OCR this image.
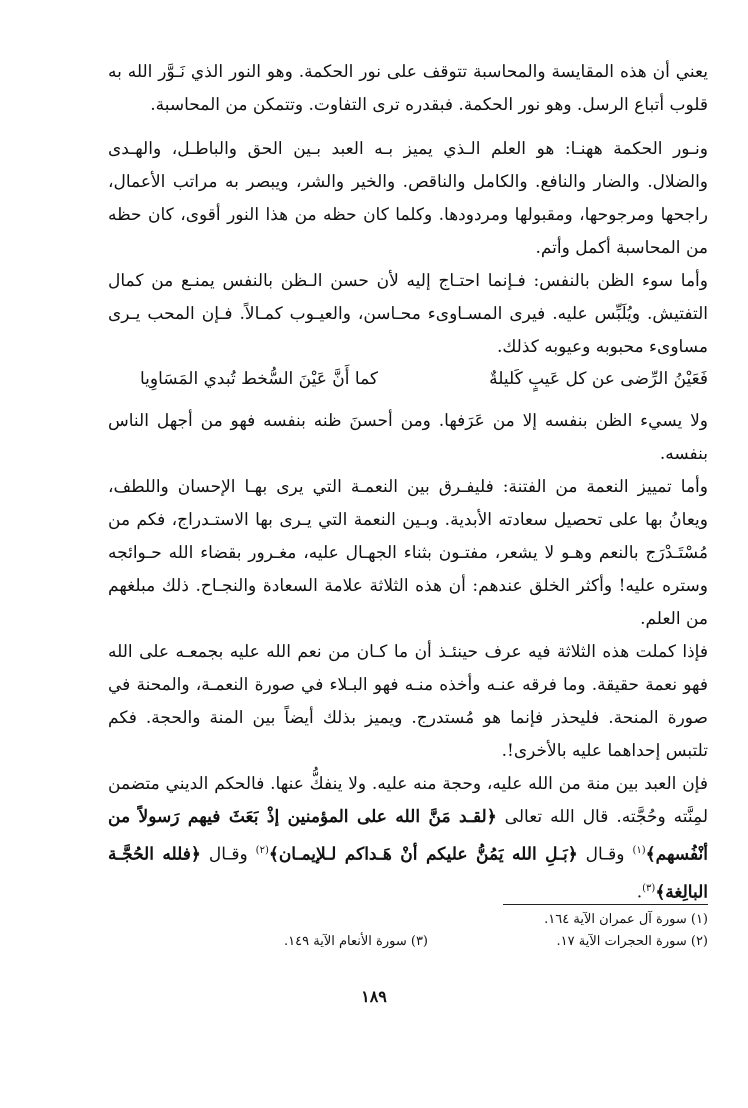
يعني أن هذه المقايسة والمحاسبة تتوقف على نور الحكمة. وهو النور الذي نَـوَّر الله به قلوب أتباع الرسل. وهو نور الحكمة. فبقدره ترى التفاوت. وتتمكن من المحاسبة.

ونـور الحكمة ههنـا: هو العلم الـذي يميز بـه العبد بـين الحق والباطـل، والهـدى والضلال. والضار والنافع. والكامل والناقص. والخير والشر، ويبصر به مراتب الأعمال، راجحها ومرجوحها، ومقبولها ومردودها. وكلما كان حظه من هذا النور أقوى، كان حظه من المحاسبة أكمل وأتم.

وأما سوء الظن بالنفس: فـإنما احتـاج إليه لأن حسن الـظن بالنفس يمنـع من كمال التفتيش. ويُلَبِّس عليه. فيرى المسـاوىء محـاسن، والعيـوب كمـالاً. فـإن المحب يـرى مساوىء محبوبه وعيوبه كذلك.

فَعَيْنُ الرِّضى عن كل عَيبٍ كَليلةٌ
كما أَنَّ عَيْنَ السُّخط تُبدي المَسَاوِيا

ولا يسيء الظن بنفسه إلا من عَرَفها. ومن أحسنَ ظنه بنفسه فهو من أجهل الناس بنفسه.

وأما تمييز النعمة من الفتنة: فليفـرق بين النعمـة التي يرى بهـا الإحسان واللطف، ويعانُ بها على تحصيل سعادته الأبدية. وبـين النعمة التي يـرى بها الاستـدراج، فكم من مُسْتَـدْرَج بالنعم وهـو لا يشعر، مفتـون بثناء الجهـال عليه، مغـرور بقضاء الله حـوائجه وستره عليه! وأكثر الخلق عندهم: أن هذه الثلاثة علامة السعادة والنجـاح. ذلك مبلغهم من العلم.

فإذا كملت هذه الثلاثة فيه عرف حينئـذ أن ما كـان من نعم الله عليه بجمعـه على الله فهو نعمة حقيقة. وما فرقه عنـه وأخذه منـه فهو البـلاء في صورة النعمـة، والمحنة في صورة المنحة. فليحذر فإنما هو مُستدرج. ويميز بذلك أيضاً بين المنة والحجة. فكم تلتبس إحداهما عليه بالأخرى!.

فإن العبد بين منة من الله عليه، وحجة منه عليه. ولا ينفكُّ عنها. فالحكم الديني متضمن لمِنَّته وحُجَّته. قال الله تعالى ﴿لقـد مَنَّ الله على المؤمنين إذْ بَعَثَ فيهم رَسولاً من أنْفُسهم﴾$^{(١)}$ وقـال ﴿بَـلِ الله يَمُنُّ عليكم أنْ هَـداكم لـلإيمـان﴾$^{(٢)}$ وقـال ﴿فلله الحُجَّـة البالِغة﴾$^{(٣)}$.

(١) سورة آل عمران الآية ١٦٤.
(٢) سورة الحجرات الآية ١٧.
(٣) سورة الأنعام الآية ١٤٩.
١٨٩
